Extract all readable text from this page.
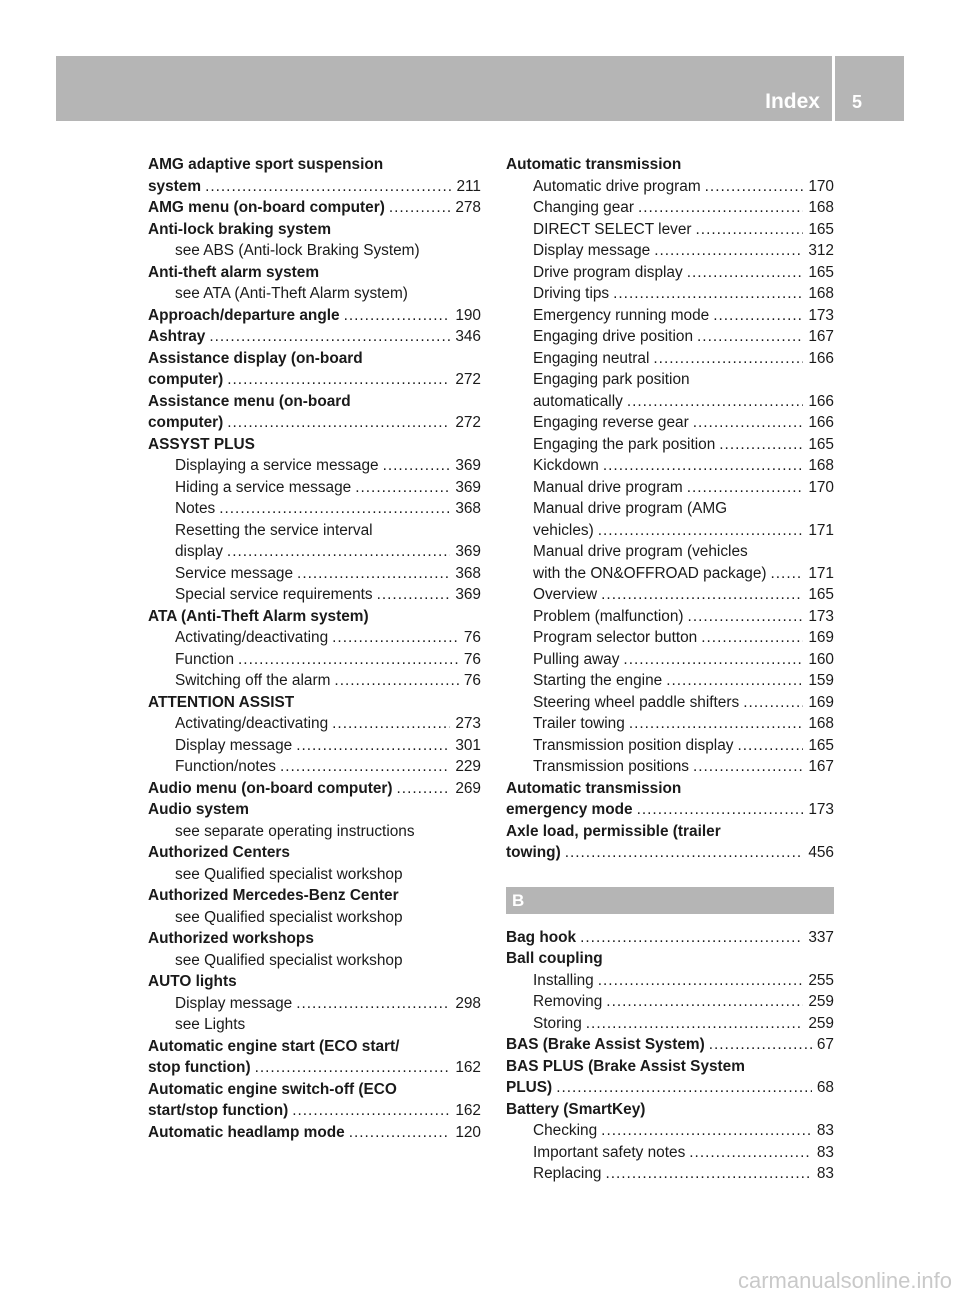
Index 5
AMG adaptive sport suspension
system .....	211
AMG menu (on-board computer) .....	278
Anti-lock braking system
see ABS (Anti-lock Braking System)
Anti-theft alarm system
see ATA (Anti-Theft Alarm system)
Approach/departure angle .....	190
Ashtray .....	346
Assistance display (on-board
computer) .....	272
Assistance menu (on-board
computer) .....	272
ASSYST PLUS
Displaying a service message .....	369
Hiding a service message .....	369
Notes .....	368
Resetting the service interval
display .....	369
Service message .....	368
Special service requirements .....	369
ATA (Anti-Theft Alarm system)
Activating/deactivating .....	76
Function .....	76
Switching off the alarm .....	76
ATTENTION ASSIST
Activating/deactivating .....	273
Display message .....	301
Function/notes .....	229
Audio menu (on-board computer) .....	269
Audio system
see separate operating instructions
Authorized Centers
see Qualified specialist workshop
Authorized Mercedes-Benz Center
see Qualified specialist workshop
Authorized workshops
see Qualified specialist workshop
AUTO lights
Display message .....	298
see Lights
Automatic engine start (ECO start/
stop function) .....	162
Automatic engine switch-off (ECO
start/stop function) .....	162
Automatic headlamp mode .....	120
Automatic transmission
Automatic drive program .....	170
Changing gear .....	168
DIRECT SELECT lever .....	165
Display message .....	312
Drive program display .....	165
Driving tips .....	168
Emergency running mode .....	173
Engaging drive position .....	167
Engaging neutral .....	166
Engaging park position
automatically .....	166
Engaging reverse gear .....	166
Engaging the park position .....	165
Kickdown .....	168
Manual drive program .....	170
Manual drive program (AMG
vehicles) .....	171
Manual drive program (vehicles
with the ON&OFFROAD package) .....	171
Overview .....	165
Problem (malfunction) .....	173
Program selector button .....	169
Pulling away .....	160
Starting the engine .....	159
Steering wheel paddle shifters .....	169
Trailer towing .....	168
Transmission position display .....	165
Transmission positions .....	167
Automatic transmission
emergency mode .....	173
Axle load, permissible (trailer
towing) .....	456
B
Bag hook .....	337
Ball coupling
Installing .....	255
Removing .....	259
Storing .....	259
BAS (Brake Assist System) .....	67
BAS PLUS (Brake Assist System
PLUS) .....	68
Battery (SmartKey)
Checking .....	83
Important safety notes .....	83
Replacing .....	83
carmanualsonline.info
